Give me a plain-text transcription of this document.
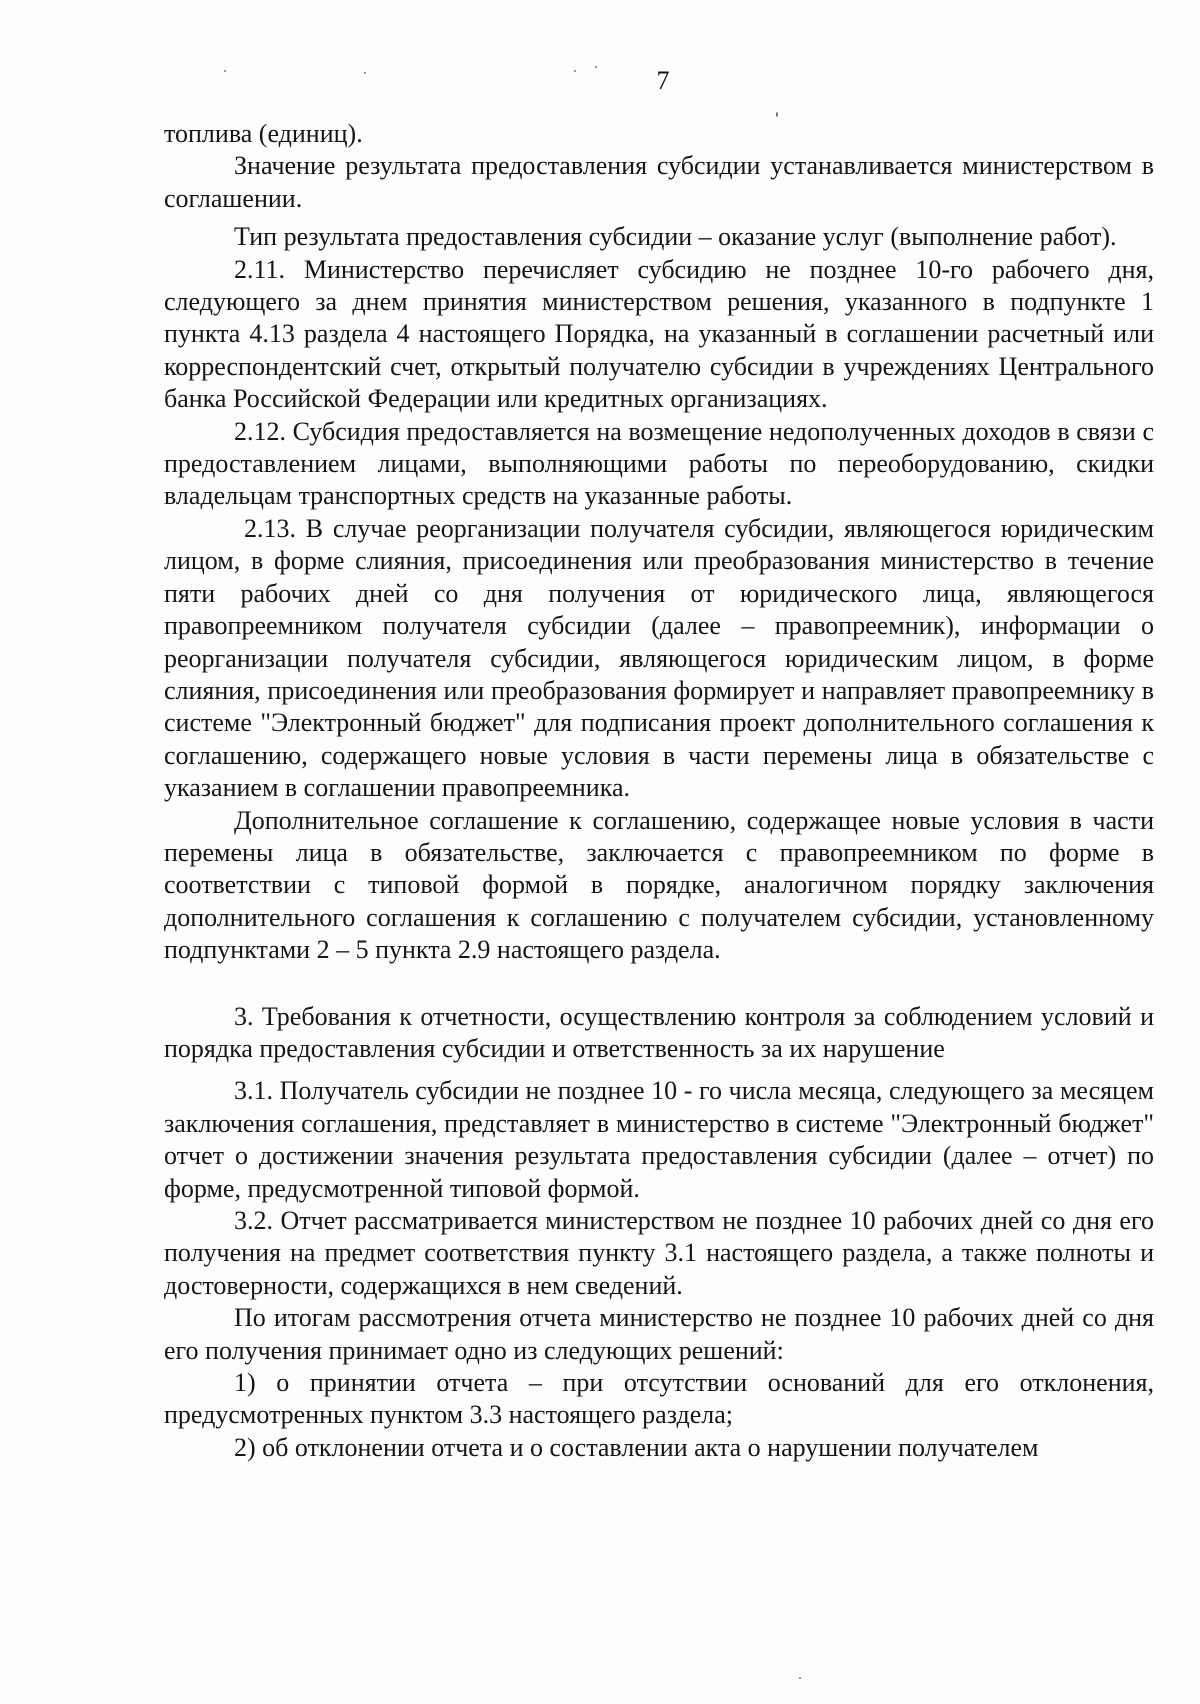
7

топлива (единиц).

Значение результата предоставления субсидии устанавливается министерством в соглашении.

Тип результата предоставления субсидии – оказание услуг (выполнение работ).

2.11. Министерство перечисляет субсидию не позднее 10-го рабочего дня, следующего за днем принятия министерством решения, указанного в подпункте 1 пункта 4.13 раздела 4 настоящего Порядка, на указанный в соглашении расчетный или корреспондентский счет, открытый получателю субсидии в учреждениях Центрального банка Российской Федерации или кредитных организациях.

2.12. Субсидия предоставляется на возмещение недополученных доходов в связи с предоставлением лицами, выполняющими работы по переоборудованию, скидки владельцам транспортных средств на указанные работы.

2.13. В случае реорганизации получателя субсидии, являющегося юридическим лицом, в форме слияния, присоединения или преобразования министерство в течение пяти рабочих дней со дня получения от юридического лица, являющегося правопреемником получателя субсидии (далее – правопреемник), информации о реорганизации получателя субсидии, являющегося юридическим лицом, в форме слияния, присоединения или преобразования формирует и направляет правопреемнику в системе "Электронный бюджет" для подписания проект дополнительного соглашения к соглашению, содержащего новые условия в части перемены лица в обязательстве с указанием в соглашении правопреемника.

Дополнительное соглашение к соглашению, содержащее новые условия в части перемены лица в обязательстве, заключается с правопреемником по форме в соответствии с типовой формой в порядке, аналогичном порядку заключения дополнительного соглашения к соглашению с получателем субсидии, установленному подпунктами 2 – 5 пункта 2.9 настоящего раздела.

3. Требования к отчетности, осуществлению контроля за соблюдением условий и порядка предоставления субсидии и ответственность за их нарушение

3.1. Получатель субсидии не позднее 10 - го числа месяца, следующего за месяцем заключения соглашения, представляет в министерство в системе "Электронный бюджет" отчет о достижении значения результата предоставления субсидии (далее – отчет) по форме, предусмотренной типовой формой.

3.2. Отчет рассматривается министерством не позднее 10 рабочих дней со дня его получения на предмет соответствия пункту 3.1 настоящего раздела, а также полноты и достоверности, содержащихся в нем сведений.

По итогам рассмотрения отчета министерство не позднее 10 рабочих дней со дня его получения принимает одно из следующих решений:

1) о принятии отчета – при отсутствии оснований для его отклонения, предусмотренных пунктом 3.3 настоящего раздела;

2) об отклонении отчета и о составлении акта о нарушении получателем
